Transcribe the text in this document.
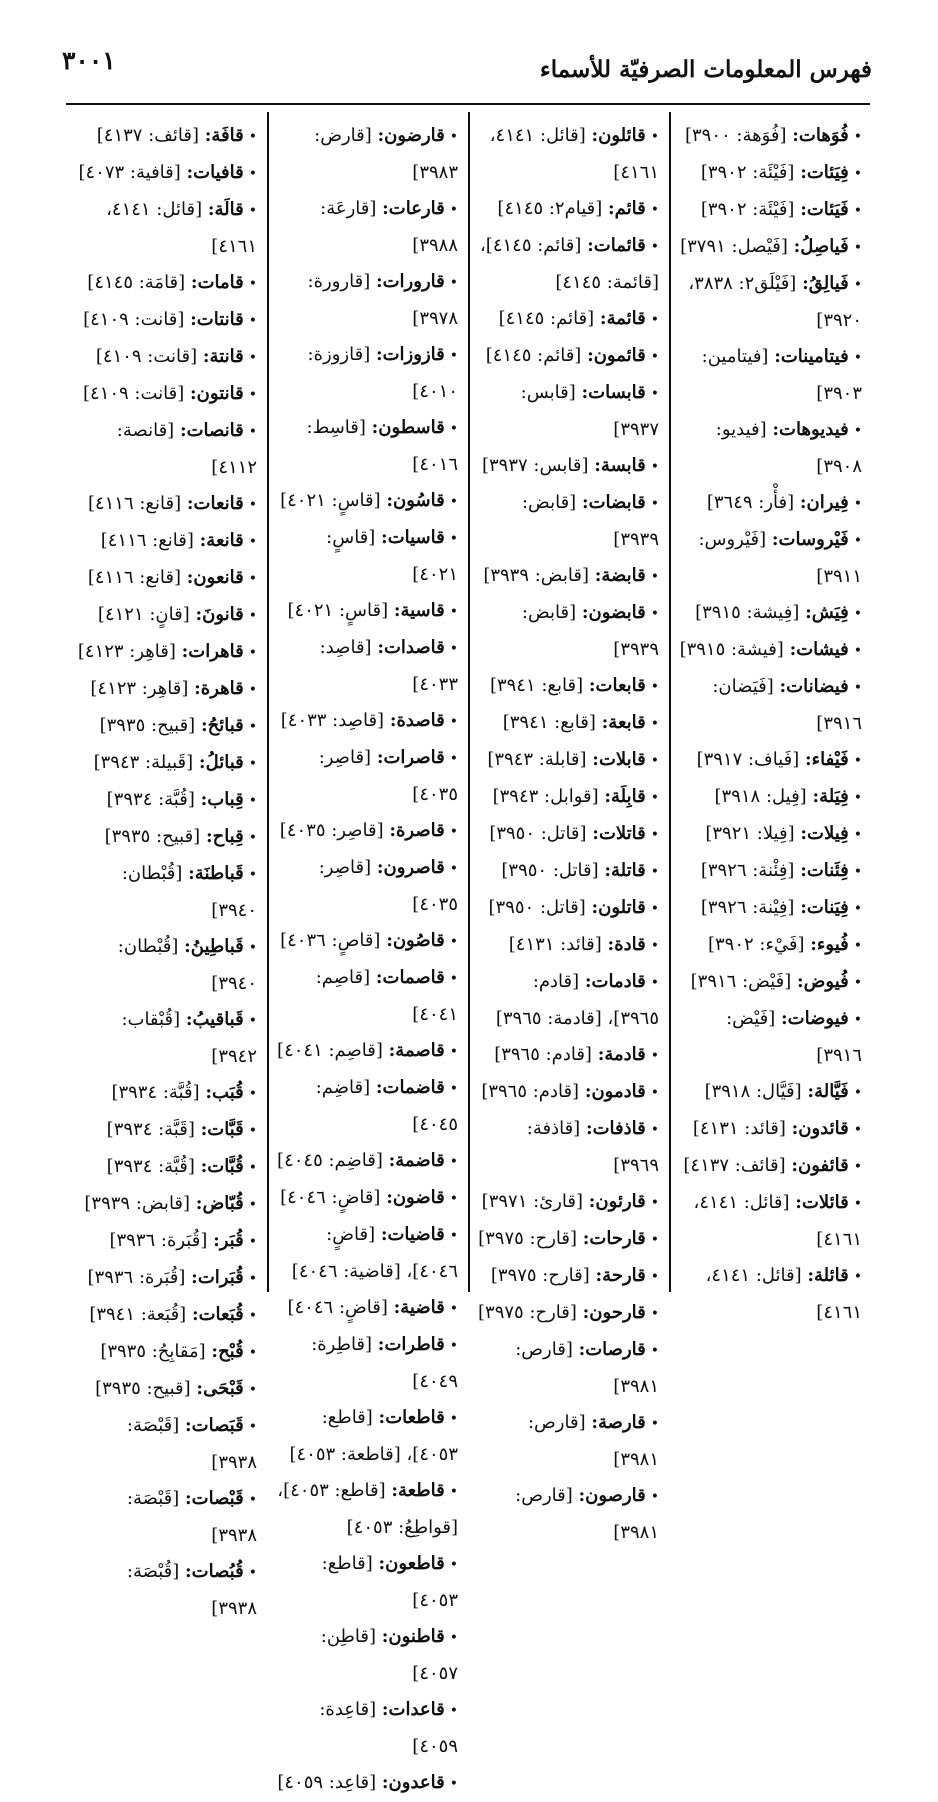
٣٠٠١	فهرس المعلومات الصرفيّة للأسماء
•فُوَهات: [فُوَهة: ٣٩٠٠]
•فِيَئات: [فَيْئَة: ٣٩٠٢]
•فَيَئات: [فَيْئَة: ٣٩٠٢]
•فَياصِلُ: [فَيْصل: ٣٧٩١]
•فَيالِقُ: [فَيْلَق٢: ٣٨٣٨، ٣٩٢٠]
•فيتامينات: [فيتامين: ٣٩٠٣]
•فيديوهات: [فيديو: ٣٩٠٨]
•فِيران: [فأْر: ٣٦٤٩]
•فَيْروسات: [فَيْروس: ٣٩١١]
•فِيَش: [فِيشة: ٣٩١٥]
•فيشات: [فيشة: ٣٩١٥]
•فيضانات: [فَيَضان: ٣٩١٦]
•فَيْفاء: [فَياف: ٣٩١٧]
•فِيَلة: [فِيل: ٣٩١٨]
•فِيلات: [فِيلا: ٣٩٢١]
•فِئَنات: [فِئْنة: ٣٩٢٦]
•فِيَنات: [فِيْنة: ٣٩٢٦]
•فُيوء: [فَيْء: ٣٩٠٢]
•فُيوض: [فَيْض: ٣٩١٦]
•فيوضات: [فَيْض: ٣٩١٦]
•فَيَّالة: [فَيَّال: ٣٩١٨]
•قائدون: [قائد: ٤١٣١]
•قائفون: [قائف: ٤١٣٧]
•قائلات: [قائل: ٤١٤١، ٤١٦١]
•قائلة: [قائل: ٤١٤١، ٤١٦١]
•قائلون: [قائل: ٤١٤١، ٤١٦١]
•قائم: [قيام٢: ٤١٤٥]
•قائمات: [قائم: ٤١٤٥]، [قائمة: ٤١٤٥]
•قائمة: [قائم: ٤١٤٥]
•قائمون: [قائم: ٤١٤٥]
•قابسات: [قابس: ٣٩٣٧]
•قابسة: [قابس: ٣٩٣٧]
•قابضات: [قابض: ٣٩٣٩]
•قابضة: [قابض: ٣٩٣٩]
•قابضون: [قابض: ٣٩٣٩]
•قابعات: [قابع: ٣٩٤١]
•قابعة: [قابع: ٣٩٤١]
•قابلات: [قابلة: ٣٩٤٣]
•قابِلَة: [قوابل: ٣٩٤٣]
•قاتلات: [قاتل: ٣٩٥٠]
•قاتلة: [قاتل: ٣٩٥٠]
•قاتلون: [قاتل: ٣٩٥٠]
•قادة: [قائد: ٤١٣١]
•قادمات: [قادم: ٣٩٦٥]، [قادمة: ٣٩٦٥]
•قادمة: [قادم: ٣٩٦٥]
•قادمون: [قادم: ٣٩٦٥]
•قاذفات: [قاذفة: ٣٩٦٩]
•قارئون: [قارئ: ٣٩٧١]
•قارحات: [قارح: ٣٩٧٥]
•قارحة: [قارح: ٣٩٧٥]
•قارحون: [قارح: ٣٩٧٥]
•قارصات: [قارص: ٣٩٨١]
•قارصة: [قارص: ٣٩٨١]
•قارصون: [قارص: ٣٩٨١]
•قارضون: [قارض: ٣٩٨٣]
•قارعات: [قارعَة: ٣٩٨٨]
•قارورات: [قارورة: ٣٩٧٨]
•قازوزات: [قازوزة: ٤٠١٠]
•قاسطون: [قاسِط: ٤٠١٦]
•قاسُون: [قاسٍ: ٤٠٢١]
•قاسيات: [قاسٍ: ٤٠٢١]
•قاسية: [قاسٍ: ٤٠٢١]
•قاصدات: [قاصِد: ٤٠٣٣]
•قاصدة: [قاصِد: ٤٠٣٣]
•قاصرات: [قاصِر: ٤٠٣٥]
•قاصرة: [قاصِر: ٤٠٣٥]
•قاصرون: [قاصِر: ٤٠٣٥]
•قاصُون: [قاصٍ: ٤٠٣٦]
•قاصمات: [قاصِم: ٤٠٤١]
•قاصمة: [قاصِم: ٤٠٤١]
•قاضمات: [قاضِم: ٤٠٤٥]
•قاضمة: [قاضِم: ٤٠٤٥]
•قاضون: [قاضٍ: ٤٠٤٦]
•قاضيات: [قاضٍ: ٤٠٤٦]، [قاضية: ٤٠٤٦]
•قاضية: [قاضٍ: ٤٠٤٦]
•قاطرات: [قاطِرة: ٤٠٤٩]
•قاطعات: [قاطع: ٤٠٥٣]، [قاطعة: ٤٠٥٣]
•قاطعة: [قاطع: ٤٠٥٣]، [قواطِعُ: ٤٠٥٣]
•قاطعون: [قاطع: ٤٠٥٣]
•قاطنون: [قاطِن: ٤٠٥٧]
•قاعدات: [قاعِدة: ٤٠٥٩]
•قاعدون: [قاعِد: ٤٠٥٩]
•قافَة: [قائف: ٤١٣٧]
•قافيات: [قافية: ٤٠٧٣]
•قالَة: [قائل: ٤١٤١، ٤١٦١]
•قامات: [قامَة: ٤١٤٥]
•قانتات: [قانت: ٤١٠٩]
•قانتة: [قانت: ٤١٠٩]
•قانتون: [قانت: ٤١٠٩]
•قانصات: [قانصة: ٤١١٢]
•قانعات: [قانع: ٤١١٦]
•قانعة: [قانع: ٤١١٦]
•قانعون: [قانع: ٤١١٦]
•قانونَ: [قانٍ: ٤١٢١]
•قاهرات: [قاهِر: ٤١٢٣]
•قاهرة: [قاهِر: ٤١٢٣]
•قبائحُ: [قبيح: ٣٩٣٥]
•قبائلُ: [قَبيلة: ٣٩٤٣]
•قِباب: [قُبَّة: ٣٩٣٤]
•قِباح: [قبيح: ٣٩٣٥]
•قَباطنَة: [قُبْطان: ٣٩٤٠]
•قَباطِينُ: [قُبْطان: ٣٩٤٠]
•قَباقيبُ: [قُبْقاب: ٣٩٤٢]
•قُبَب: [قُبَّة: ٣٩٣٤]
•قَبَّات: [قَبَّة: ٣٩٣٤]
•قُبَّات: [قُبَّة: ٣٩٣٤]
•قُبّاض: [قابض: ٣٩٣٩]
•قُبَر: [قُبَرة: ٣٩٣٦]
•قُبَرات: [قُبَرة: ٣٩٣٦]
•قُبَعات: [قُبَعة: ٣٩٤١]
•قُبْح: [مَقابِحُ: ٣٩٣٥]
•قَبْحَى: [قبيح: ٣٩٣٥]
•قَبَصات: [قَبْصَة: ٣٩٣٨]
•قَبْصات: [قَبْصَة: ٣٩٣٨]
•قُبُصات: [قُبْصَة: ٣٩٣٨]
